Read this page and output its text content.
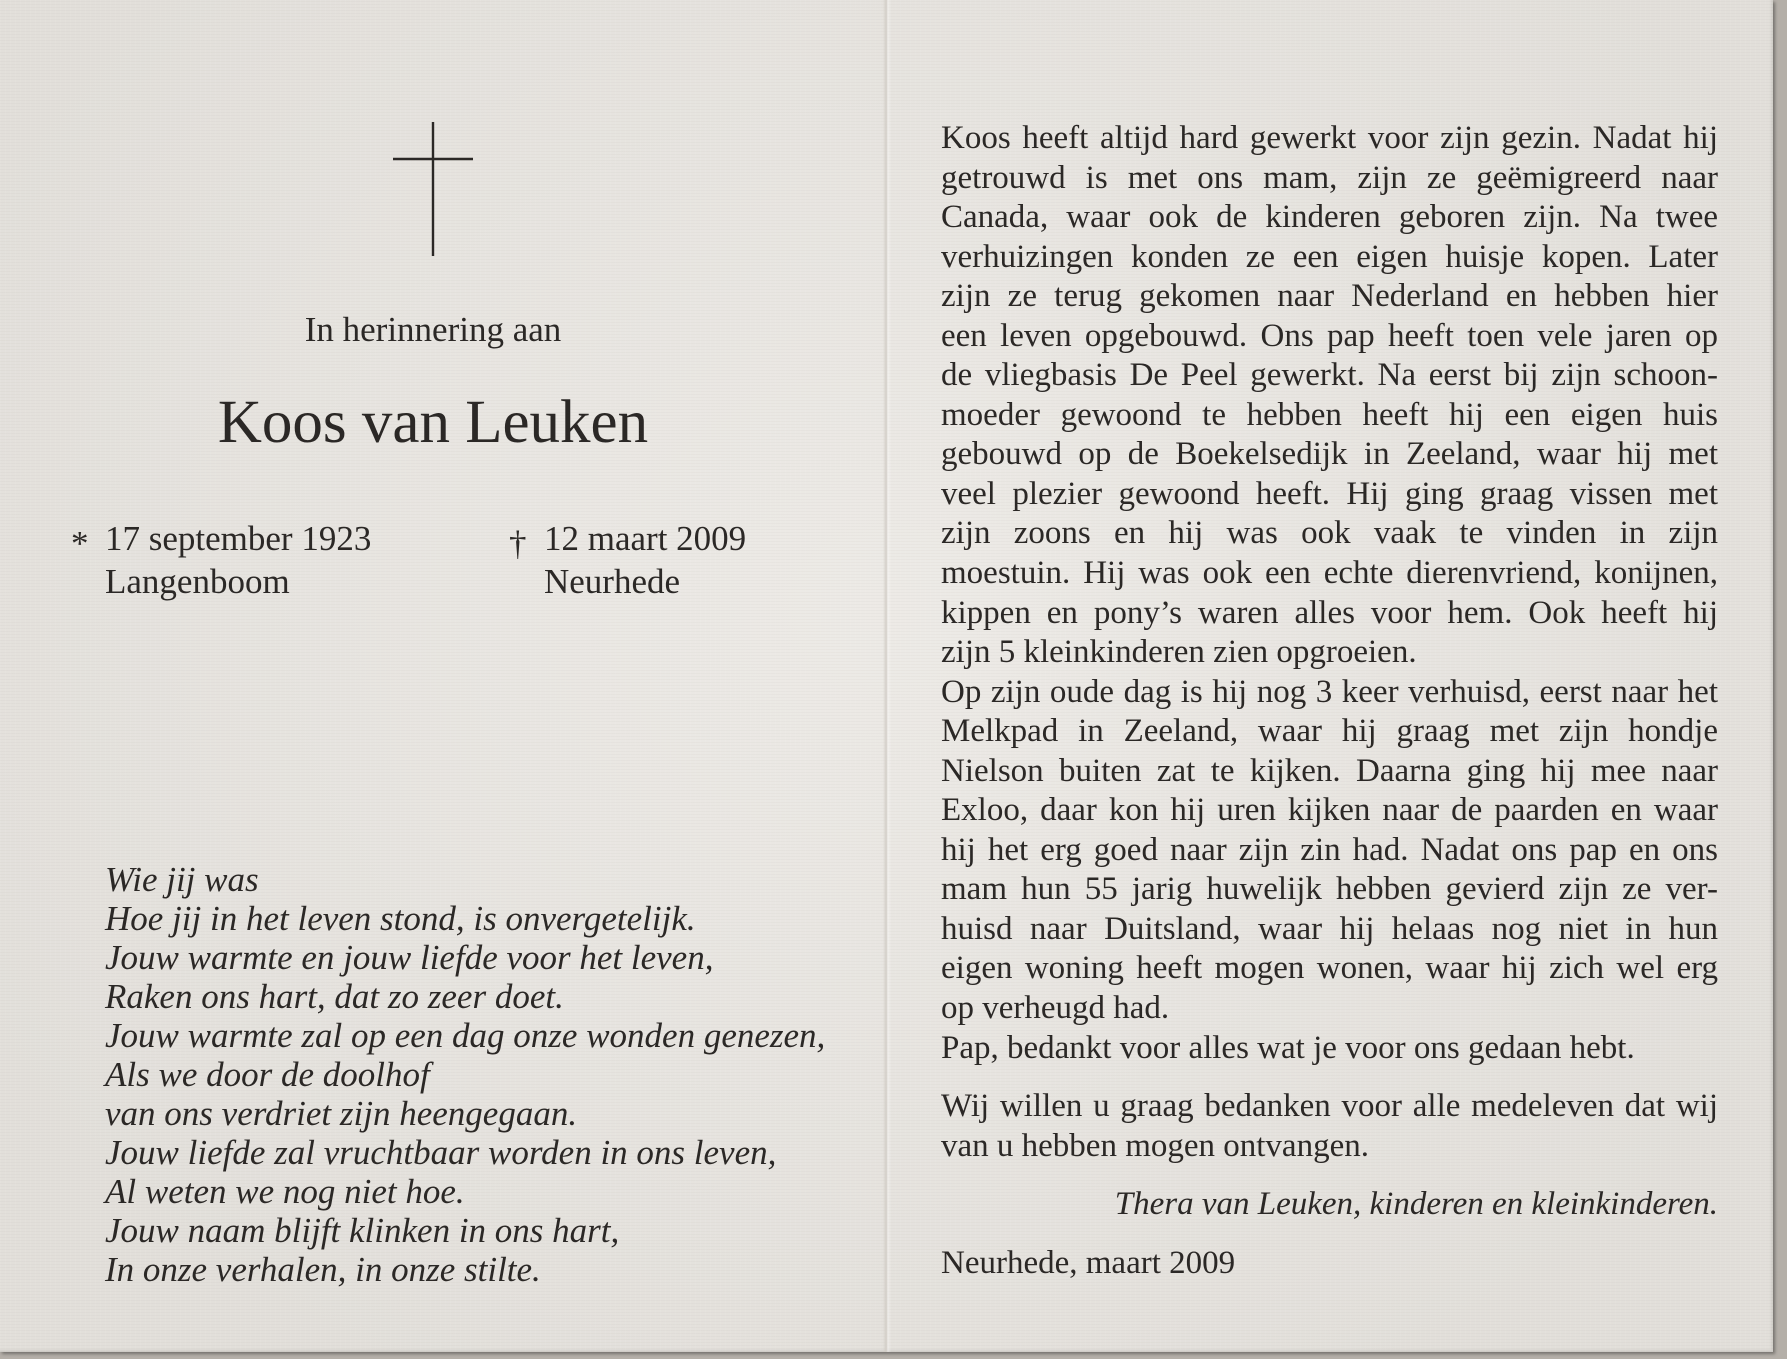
In herinnering aan
Koos van Leuken
* 17 september 1923
Langenboom
† 12 maart 2009
Neurhede
Wie jij was
Hoe jij in het leven stond, is onvergetelijk.
Jouw warmte en jouw liefde voor het leven,
Raken ons hart, dat zo zeer doet.
Jouw warmte zal op een dag onze wonden genezen,
Als we door de doolhof
van ons verdriet zijn heengegaan.
Jouw liefde zal vruchtbaar worden in ons leven,
Al weten we nog niet hoe.
Jouw naam blijft klinken in ons hart,
In onze verhalen, in onze stilte.
Koos heeft altijd hard gewerkt voor zijn gezin. Nadat hij
getrouwd is met ons mam, zijn ze geëmigreerd naar
Canada, waar ook de kinderen geboren zijn. Na twee
verhuizingen konden ze een eigen huisje kopen. Later
zijn ze terug gekomen naar Nederland en hebben hier
een leven opgebouwd. Ons pap heeft toen vele jaren op
de vliegbasis De Peel gewerkt. Na eerst bij zijn schoon-
moeder gewoond te hebben heeft hij een eigen huis
gebouwd op de Boekelsedijk in Zeeland, waar hij met
veel plezier gewoond heeft. Hij ging graag vissen met
zijn zoons en hij was ook vaak te vinden in zijn
moestuin. Hij was ook een echte dierenvriend, konijnen,
kippen en pony’s waren alles voor hem. Ook heeft hij
zijn 5 kleinkinderen zien opgroeien.
Op zijn oude dag is hij nog 3 keer verhuisd, eerst naar het
Melkpad in Zeeland, waar hij graag met zijn hondje
Nielson buiten zat te kijken. Daarna ging hij mee naar
Exloo, daar kon hij uren kijken naar de paarden en waar
hij het erg goed naar zijn zin had. Nadat ons pap en ons
mam hun 55 jarig huwelijk hebben gevierd zijn ze ver-
huisd naar Duitsland, waar hij helaas nog niet in hun
eigen woning heeft mogen wonen, waar hij zich wel erg
op verheugd had.
Pap, bedankt voor alles wat je voor ons gedaan hebt.
Wij willen u graag bedanken voor alle medeleven dat wij
van u hebben mogen ontvangen.
Thera van Leuken, kinderen en kleinkinderen.
Neurhede, maart 2009
